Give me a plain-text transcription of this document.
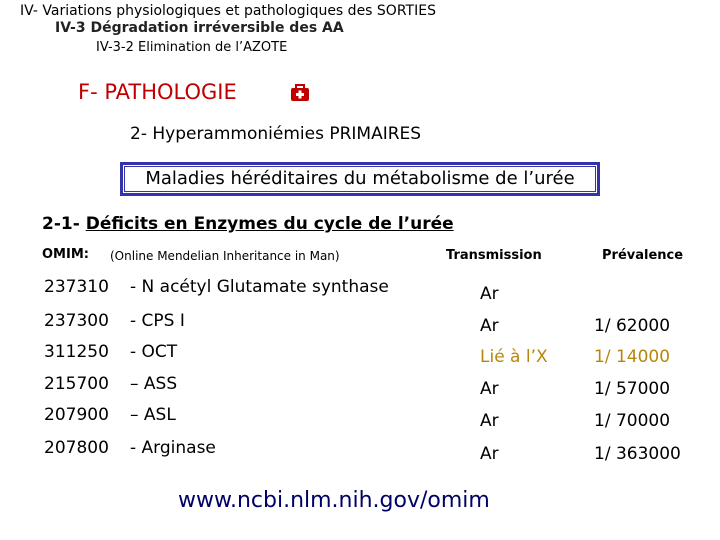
IV- Variations physiologiques et pathologiques des SORTIES
IV-3 Dégradation irréversible des AA
IV-3-2 Elimination de l’AZOTE
F- PATHOLOGIE
2- Hyperammoniémies PRIMAIRES
Maladies héréditaires du métabolisme de l’urée
2-1- Déficits en Enzymes du cycle de l’urée
OMIM: (Online Mendelian Inheritance in Man)	Transmission	Prévalence
237310 - N acétyl Glutamate synthase	Ar
237300 - CPS I	Ar	1/ 62000
311250 - OCT	Lié à l’X	1/ 14000
215700 – ASS	Ar	1/ 57000
207900 – ASL	Ar	1/ 70000
207800 - Arginase	Ar	1/ 363000
www.ncbi.nlm.nih.gov/omim
